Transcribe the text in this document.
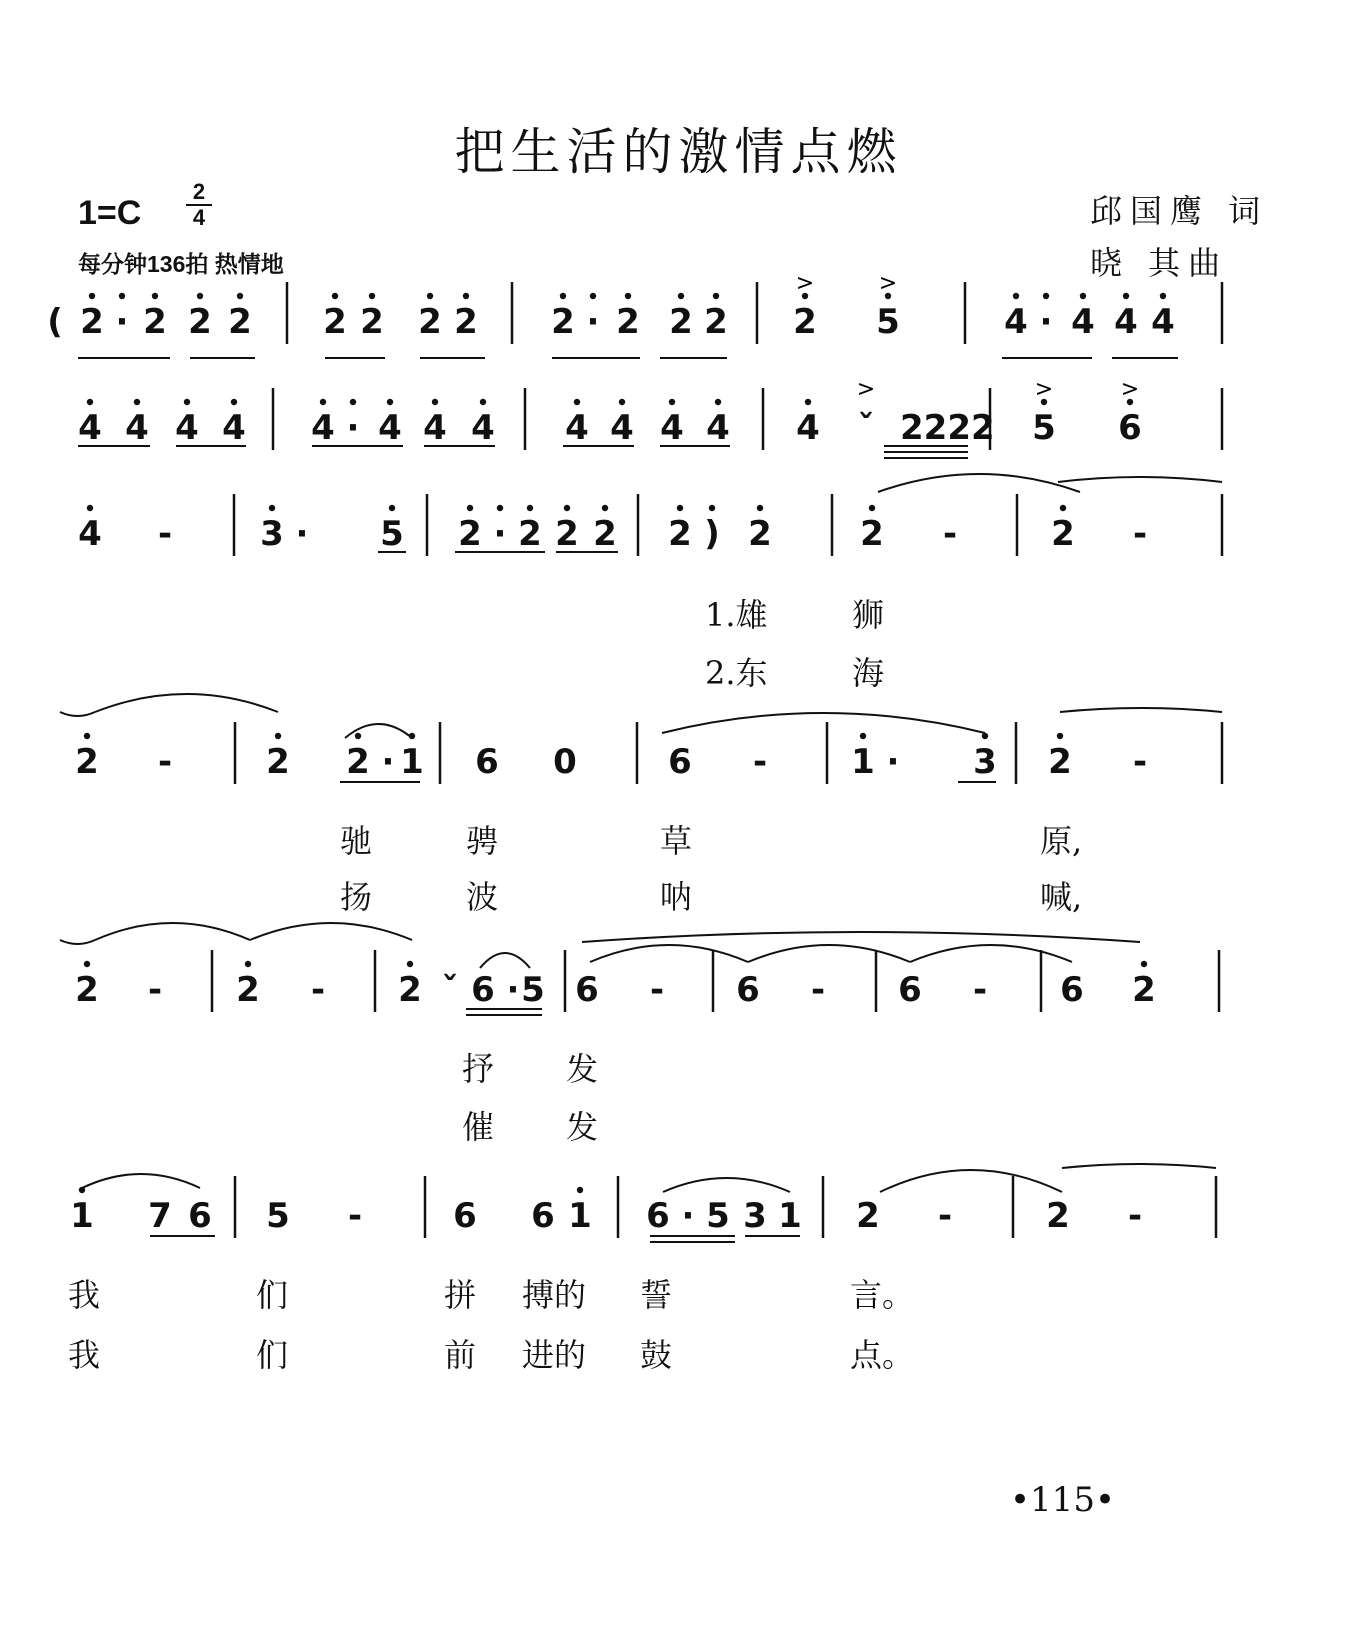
把生活的激情点燃
1=C
2
4
每分钟136拍 热情地
邱国鹰 词
晓 其曲
( 2 · 2 2 2 2 2 2 2 2 · 2 2 2 2 5	4 · 4 4 4
4 4 4 4 4 · 4 4 4 4 4 4 4 4 ˇ 2222 5 6
4 -	3 · 5 2 · 2 2 2 2 ) 2	2 -	2 -
2 -	2 2 · 1 6 0	6 - 1 · 3 2 -
2 - 2 - 2 ˇ 6 · 5 6 - 6 - 6 - 6 2
1 7 6 5 -	6 6 1 6 · 5 3 1 2 -	2 -
1.雄	狮
2.东	海
驰	骋	草	原,
扬	波	呐	喊,
抒 发
催 发
我	们	拼 搏的 誓	言。
我	们	前 进的 鼓	点。
>	>
>	>	>
•115•
